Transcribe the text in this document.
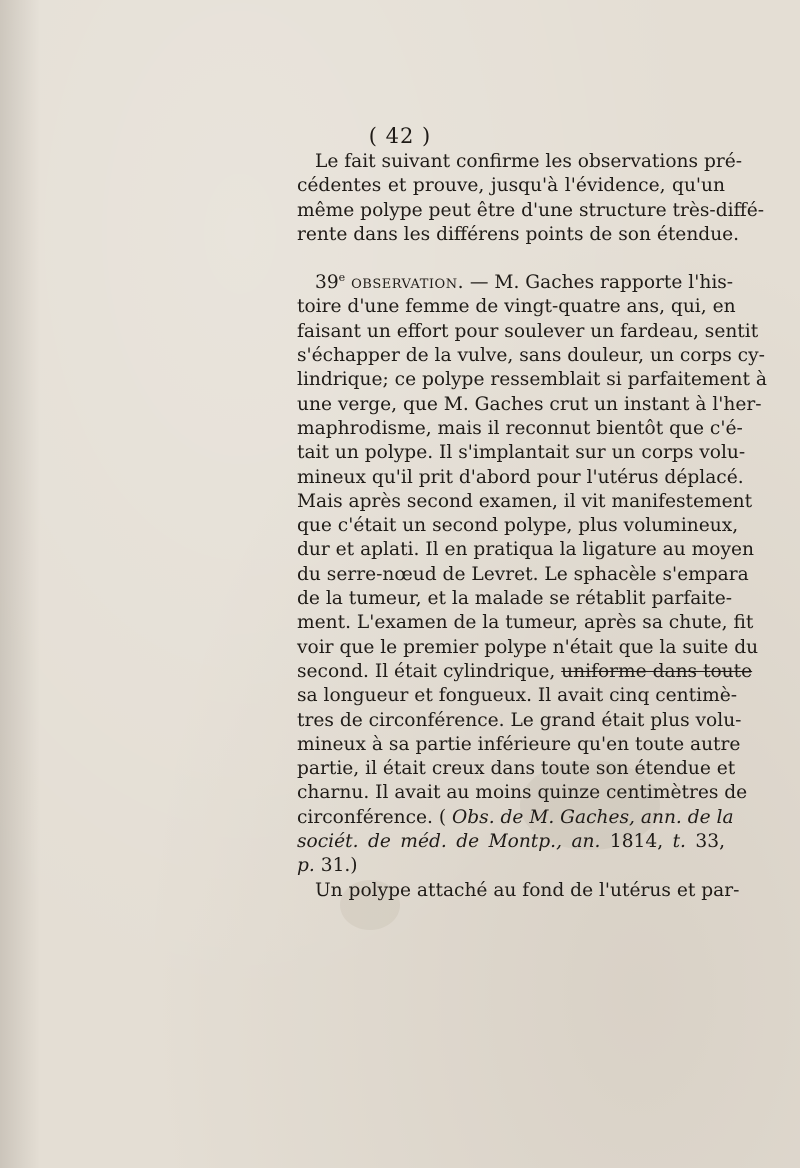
( 42 )
Le fait suivant confirme les observations pré-
cédentes et prouve, jusqu'à l'évidence, qu'un
même polype peut être d'une structure très-diffé-
rente dans les différens points de son étendue.
39e observation. — M. Gaches rapporte l'his-
toire d'une femme de vingt-quatre ans, qui, en
faisant un effort pour soulever un fardeau, sentit
s'échapper de la vulve, sans douleur, un corps cy-
lindrique; ce polype ressemblait si parfaitement à
une verge, que M. Gaches crut un instant à l'her-
maphrodisme, mais il reconnut bientôt que c'é-
tait un polype. Il s'implantait sur un corps volu-
mineux qu'il prit d'abord pour l'utérus déplacé.
Mais après second examen, il vit manifestement
que c'était un second polype, plus volumineux,
dur et aplati. Il en pratiqua la ligature au moyen
du serre-nœud de Levret. Le sphacèle s'empara
de la tumeur, et la malade se rétablit parfaite-
ment. L'examen de la tumeur, après sa chute, fit
voir que le premier polype n'était que la suite du
second. Il était cylindrique, uniforme dans toute
sa longueur et fongueux. Il avait cinq centimè-
tres de circonférence. Le grand était plus volu-
mineux à sa partie inférieure qu'en toute autre
partie, il était creux dans toute son étendue et
charnu. Il avait au moins quinze centimètres de
circonférence. ( Obs. de M. Gaches, ann. de la
sociét. de méd. de Montp., an. 1814, t. 33,
p. 31.)
Un polype attaché au fond de l'utérus et par-
